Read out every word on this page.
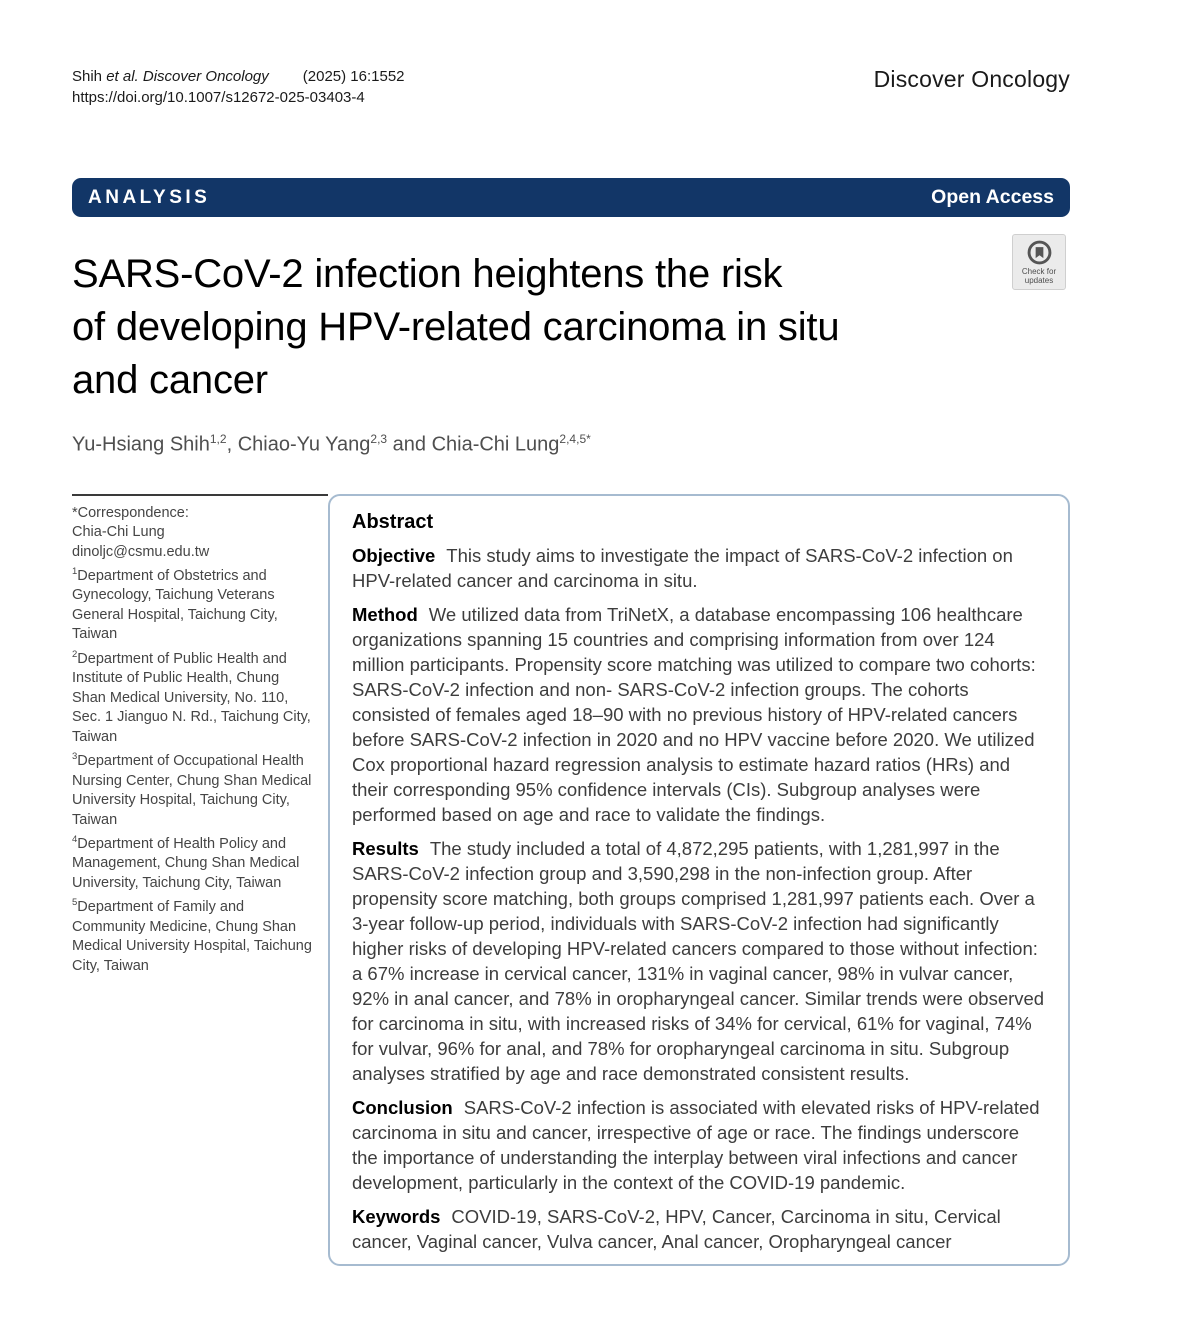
Shih et al. Discover Oncology (2025) 16:1552
https://doi.org/10.1007/s12672-025-03403-4
Discover Oncology
ANALYSIS	Open Access
SARS-CoV-2 infection heightens the risk
of developing HPV-related carcinoma in situ
and cancer
Check for
updates
Yu-Hsiang Shih$^{1,2}$, Chiao-Yu Yang$^{2,3}$ and Chia-Chi Lung$^{2,4,5*}$
*Correspondence:
Chia-Chi Lung
dinoljc@csmu.edu.tw
$^1$Department of Obstetrics and Gynecology, Taichung Veterans General Hospital, Taichung City, Taiwan
$^2$Department of Public Health and Institute of Public Health, Chung Shan Medical University, No. 110, Sec. 1 Jianguo N. Rd., Taichung City, Taiwan
$^3$Department of Occupational Health Nursing Center, Chung Shan Medical University Hospital, Taichung City, Taiwan
$^4$Department of Health Policy and Management, Chung Shan Medical University, Taichung City, Taiwan
$^5$Department of Family and Community Medicine, Chung Shan Medical University Hospital, Taichung City, Taiwan
Abstract

Objective This study aims to investigate the impact of SARS-CoV-2 infection on HPV-related cancer and carcinoma in situ.

Method We utilized data from TriNetX, a database encompassing 106 healthcare organizations spanning 15 countries and comprising information from over 124 million participants. Propensity score matching was utilized to compare two cohorts: SARS-CoV-2 infection and non- SARS-CoV-2 infection groups. The cohorts consisted of females aged 18–90 with no previous history of HPV-related cancers before SARS-CoV-2 infection in 2020 and no HPV vaccine before 2020. We utilized Cox proportional hazard regression analysis to estimate hazard ratios (HRs) and their corresponding 95% confidence intervals (CIs). Subgroup analyses were performed based on age and race to validate the findings.

Results The study included a total of 4,872,295 patients, with 1,281,997 in the SARS-CoV-2 infection group and 3,590,298 in the non-infection group. After propensity score matching, both groups comprised 1,281,997 patients each. Over a 3-year follow-up period, individuals with SARS-CoV-2 infection had significantly higher risks of developing HPV-related cancers compared to those without infection: a 67% increase in cervical cancer, 131% in vaginal cancer, 98% in vulvar cancer, 92% in anal cancer, and 78% in oropharyngeal cancer. Similar trends were observed for carcinoma in situ, with increased risks of 34% for cervical, 61% for vaginal, 74% for vulvar, 96% for anal, and 78% for oropharyngeal carcinoma in situ. Subgroup analyses stratified by age and race demonstrated consistent results.

Conclusion SARS-CoV-2 infection is associated with elevated risks of HPV-related carcinoma in situ and cancer, irrespective of age or race. The findings underscore the importance of understanding the interplay between viral infections and cancer development, particularly in the context of the COVID-19 pandemic.

Keywords COVID-19, SARS-CoV-2, HPV, Cancer, Carcinoma in situ, Cervical cancer, Vaginal cancer, Vulva cancer, Anal cancer, Oropharyngeal cancer
